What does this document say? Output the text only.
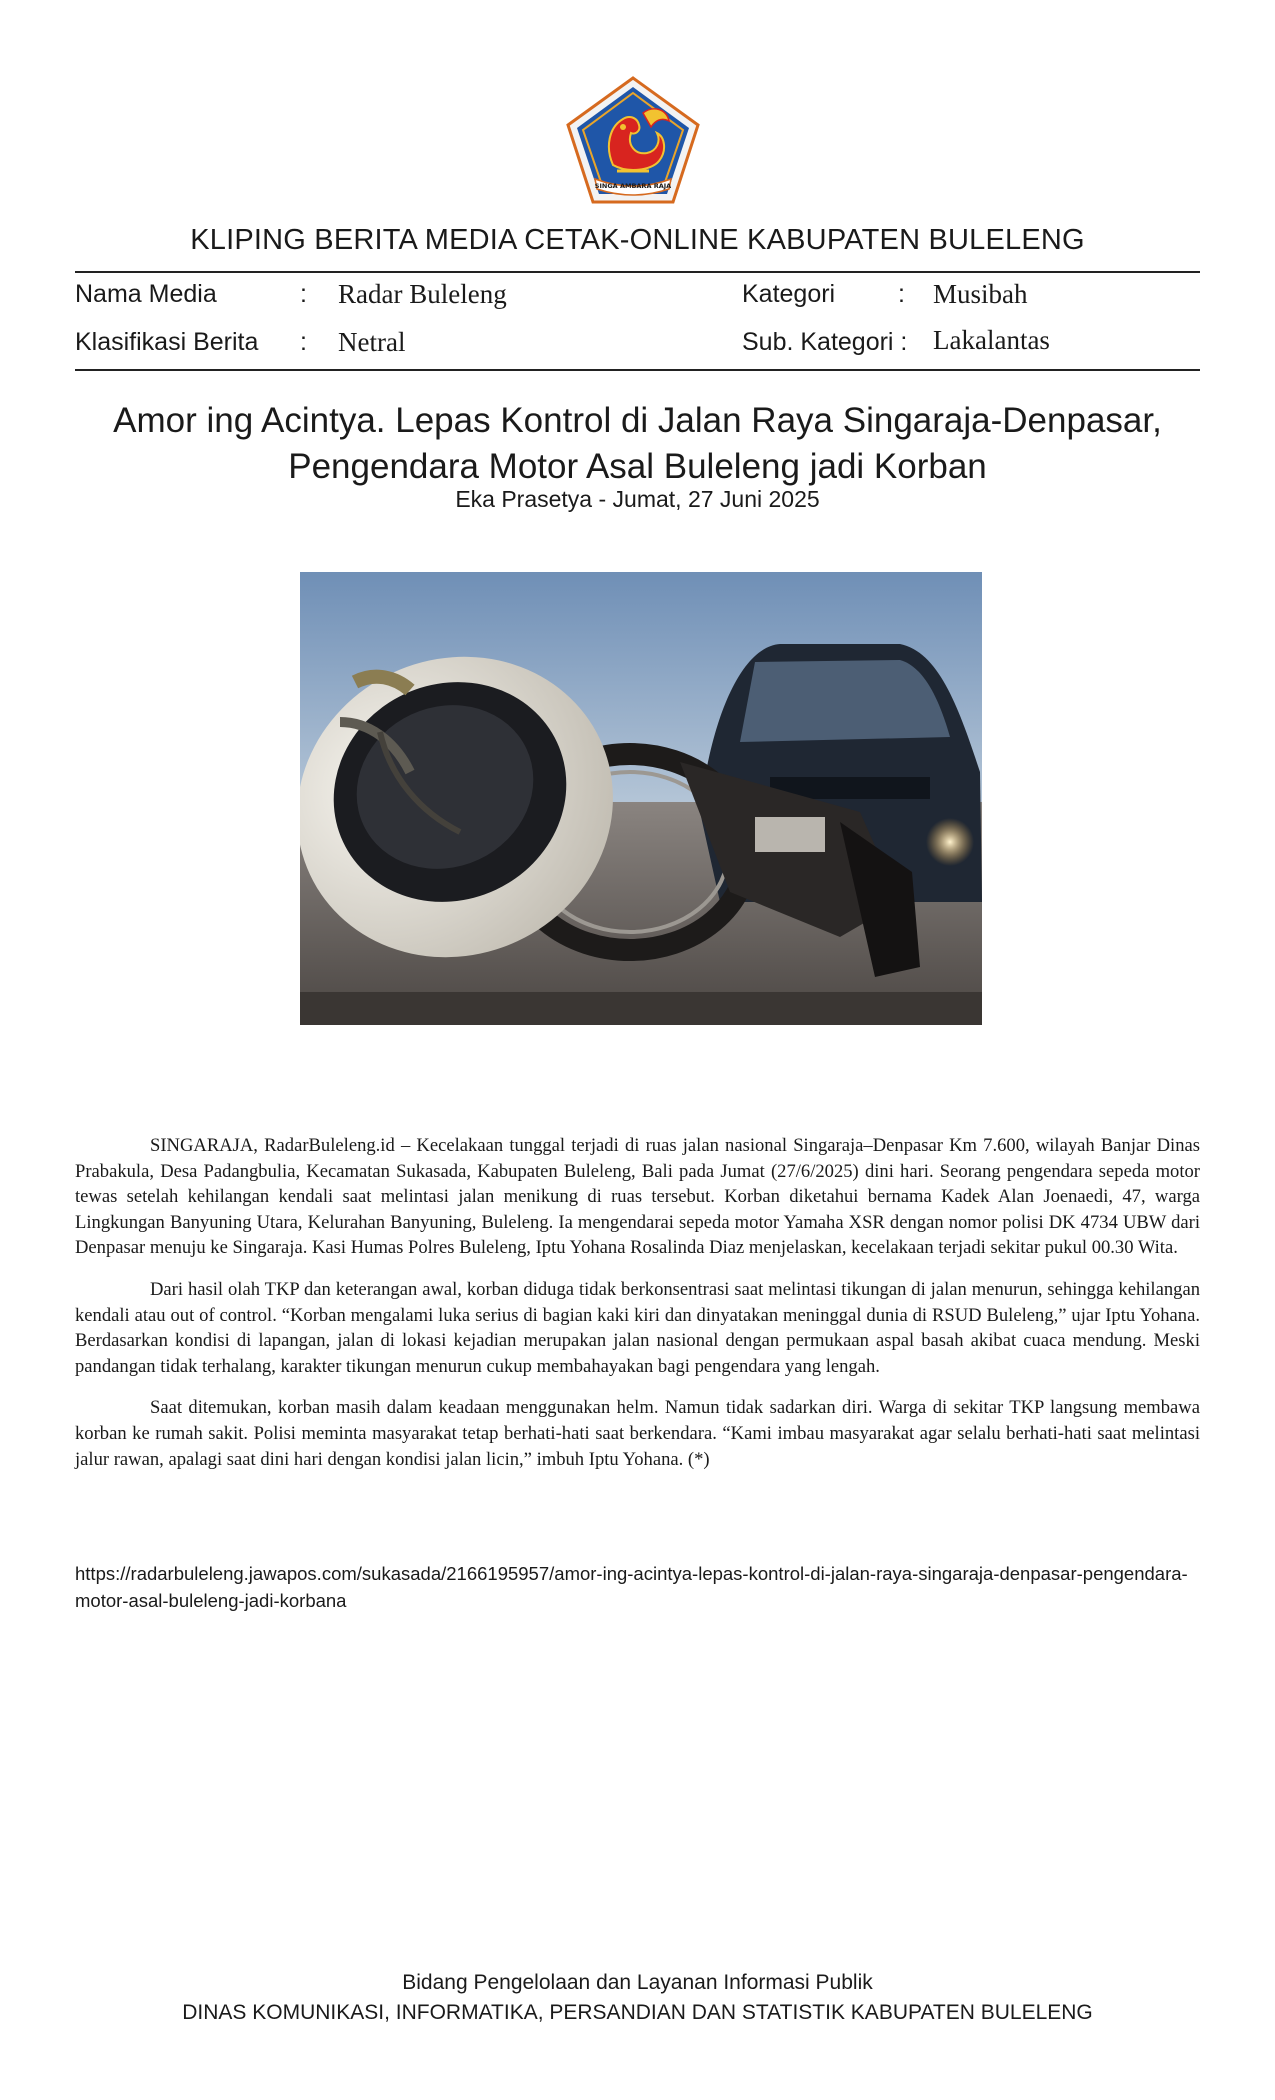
SINGA AMBARA RAJA
KLIPING BERITA MEDIA CETAK-ONLINE KABUPATEN BULELENG
Nama Media	: Radar Buleleng
Klasifikasi Berita : Netral
Kategori	: Musibah
Sub. Kategori : Lakalantas
Amor ing Acintya. Lepas Kontrol di Jalan Raya Singaraja-Denpasar,
Pengendara Motor Asal Buleleng jadi Korban
Eka Prasetya - Jumat, 27 Juni 2025

SINGARAJA, RadarBuleleng.id – Kecelakaan tunggal terjadi di ruas jalan nasional Singaraja–Denpasar Km 7.600, wilayah Banjar Dinas Prabakula, Desa Padangbulia, Kecamatan Sukasada, Kabupaten Buleleng, Bali pada Jumat (27/6/2025) dini hari. Seorang pengendara sepeda motor tewas setelah kehilangan kendali saat melintasi jalan menikung di ruas tersebut. Korban diketahui bernama Kadek Alan Joenaedi, 47, warga Lingkungan Banyuning Utara, Kelurahan Banyuning, Buleleng. Ia mengendarai sepeda motor Yamaha XSR dengan nomor polisi DK 4734 UBW dari Denpasar menuju ke Singaraja. Kasi Humas Polres Buleleng, Iptu Yohana Rosalinda Diaz menjelaskan, kecelakaan terjadi sekitar pukul 00.30 Wita.

Dari hasil olah TKP dan keterangan awal, korban diduga tidak berkonsentrasi saat melintasi tikungan di jalan menurun, sehingga kehilangan kendali atau out of control. “Korban mengalami luka serius di bagian kaki kiri dan dinyatakan meninggal dunia di RSUD Buleleng,” ujar Iptu Yohana. Berdasarkan kondisi di lapangan, jalan di lokasi kejadian merupakan jalan nasional dengan permukaan aspal basah akibat cuaca mendung. Meski pandangan tidak terhalang, karakter tikungan menurun cukup membahayakan bagi pengendara yang lengah.

Saat ditemukan, korban masih dalam keadaan menggunakan helm. Namun tidak sadarkan diri. Warga di sekitar TKP langsung membawa korban ke rumah sakit. Polisi meminta masyarakat tetap berhati-hati saat berkendara. “Kami imbau masyarakat agar selalu berhati-hati saat melintasi jalur rawan, apalagi saat dini hari dengan kondisi jalan licin,” imbuh Iptu Yohana. (*)

https://radarbuleleng.jawapos.com/sukasada/2166195957/amor-ing-acintya-lepas-kontrol-di-jalan-raya-singaraja-denpasar-pengendara-motor-asal-buleleng-jadi-korbana
Bidang Pengelolaan dan Layanan Informasi Publik
DINAS KOMUNIKASI, INFORMATIKA, PERSANDIAN DAN STATISTIK KABUPATEN BULELENG
